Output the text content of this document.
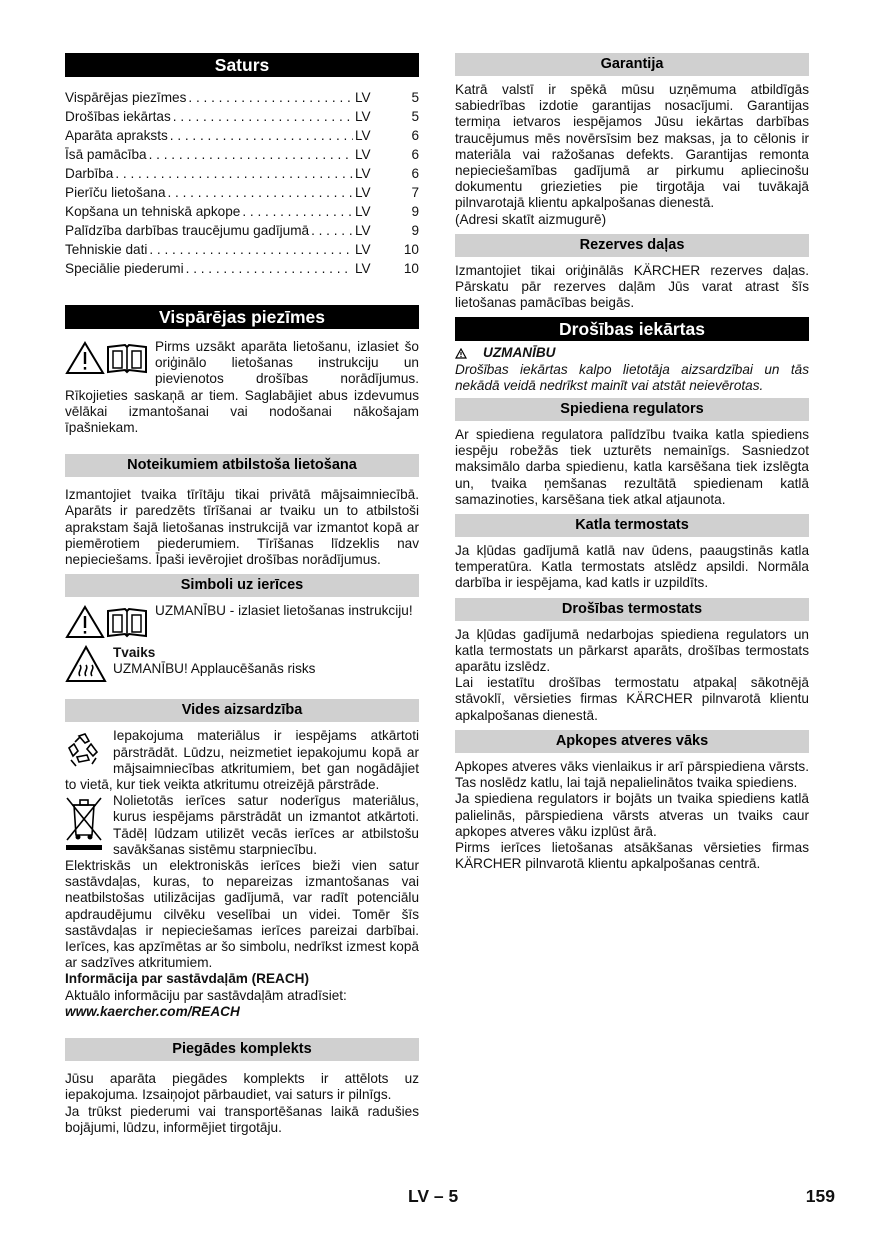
Saturs
Vispārējas piezīmes . . .	LV	5
Drošības iekārtas . . .	LV	5
Aparāta apraksts . . .	LV	6
Īsā pamācība . . .	LV	6
Darbība . . .	LV	6
Pierīču lietošana . . .	LV	7
Kopšana un tehniskā apkope . . .	LV	9
Palīdzība darbības traucējumu gadījumā . . .	LV	9
Tehniskie dati . . .	LV	10
Speciālie piederumi . . .	LV	10
Vispārējas piezīmes

Pirms uzsākt aparāta lietošanu, izlasiet šo oriģinālo lietošanas instrukciju un pievienotos drošības norādījumus. Rīkojieties saskaņā ar tiem. Saglabājiet abus izdevumus vēlākai izmantošanai vai nodošanai nākošajam īpašniekam.

Noteikumiem atbilstoša lietošana

Izmantojiet tvaika tīrītāju tikai privātā mājsaimniecībā. Aparāts ir paredzēts tīrīšanai ar tvaiku un to atbilstoši aprakstam šajā lietošanas instrukcijā var izmantot kopā ar piemērotiem piederumiem. Tīrīšanas līdzeklis nav nepieciešams. Īpaši ievērojiet drošības norādījumus.

Simboli uz ierīces

UZMANĪBU - izlasiet lietošanas instrukciju!

Tvaiks

UZMANĪBU! Applaucēšanās risks

Vides aizsardzība

Iepakojuma materiālus ir iespējams atkārtoti pārstrādāt. Lūdzu, neizmetiet iepakojumu kopā ar mājsaimniecības atkritumiem, bet gan nogādājiet to vietā, kur tiek veikta atkritumu otreizējā pārstrāde.

Nolietotās ierīces satur noderīgus materiālus, kurus iespējams pārstrādāt un izmantot atkārtoti. Tādēļ lūdzam utilizēt vecās ierīces ar atbilstošu savākšanas sistēmu starpniecību.

Elektriskās un elektroniskās ierīces bieži vien satur sastāvdaļas, kuras, to nepareizas izmantošanas vai neatbilstošas utilizācijas gadījumā, var radīt potenciālu apdraudējumu cilvēku veselībai un videi. Tomēr šīs sastāvdaļas ir nepieciešamas ierīces pareizai darbībai. Ierīces, kas apzīmētas ar šo simbolu, nedrīkst izmest kopā ar sadzīves atkritumiem.

Informācija par sastāvdaļām (REACH)

Aktuālo informāciju par sastāvdaļām atradīsiet:

www.kaercher.com/REACH

Piegādes komplekts

Jūsu aparāta piegādes komplekts ir attēlots uz iepakojuma. Izsaiņojot pārbaudiet, vai saturs ir pilnīgs.

Ja trūkst piederumi vai transportēšanas laikā radušies bojājumi, lūdzu, informējiet tirgotāju.

Garantija

Katrā valstī ir spēkā mūsu uzņēmuma atbildīgās sabiedrības izdotie garantijas nosacījumi. Garantijas termiņa ietvaros iespējamos Jūsu iekārtas darbības traucējumus mēs novērsīsim bez maksas, ja to cēlonis ir materiāla vai ražošanas defekts. Garantijas remonta nepieciešamības gadījumā ar pirkumu apliecinošu dokumentu griezieties pie tirgotāja vai tuvākajā pilnvarotajā klientu apkalpošanas dienestā.

(Adresi skatīt aizmugurē)

Rezerves daļas

Izmantojiet tikai oriģinālās KÄRCHER rezerves daļas. Pārskatu pār rezerves daļām Jūs varat atrast šīs lietošanas pamācības beigās.

Drošības iekārtas

UZMANĪBU

Drošības iekārtas kalpo lietotāja aizsardzībai un tās nekādā veidā nedrīkst mainīt vai atstāt neievērotas.

Spiediena regulators

Ar spiediena regulatora palīdzību tvaika katla spiediens iespēju robežās tiek uzturēts nemainīgs. Sasniedzot maksimālo darba spiedienu, katla karsēšana tiek izslēgta un, tvaika ņemšanas rezultātā spiedienam katlā samazinoties, karsēšana tiek atkal atjaunota.

Katla termostats

Ja kļūdas gadījumā katlā nav ūdens, paaugstinās katla temperatūra. Katla termostats atslēdz apsildi. Normāla darbība ir iespējama, kad katls ir uzpildīts.

Drošības termostats

Ja kļūdas gadījumā nedarbojas spiediena regulators un katla termostats un pārkarst aparāts, drošības termostats aparātu izslēdz.

Lai iestatītu drošības termostatu atpakaļ sākotnējā stāvoklī, vērsieties firmas KÄRCHER pilnvarotā klientu apkalpošanas dienestā.

Apkopes atveres vāks

Apkopes atveres vāks vienlaikus ir arī pārspiediena vārsts. Tas noslēdz katlu, lai tajā nepalielinātos tvaika spiediens.

Ja spiediena regulators ir bojāts un tvaika spiediens katlā palielinās, pārspiediena vārsts atveras un tvaiks caur apkopes atveres vāku izplūst ārā.

Pirms ierīces lietošanas atsākšanas vērsieties firmas KÄRCHER pilnvarotā klientu apkalpošanas centrā.

LV – 5	159
